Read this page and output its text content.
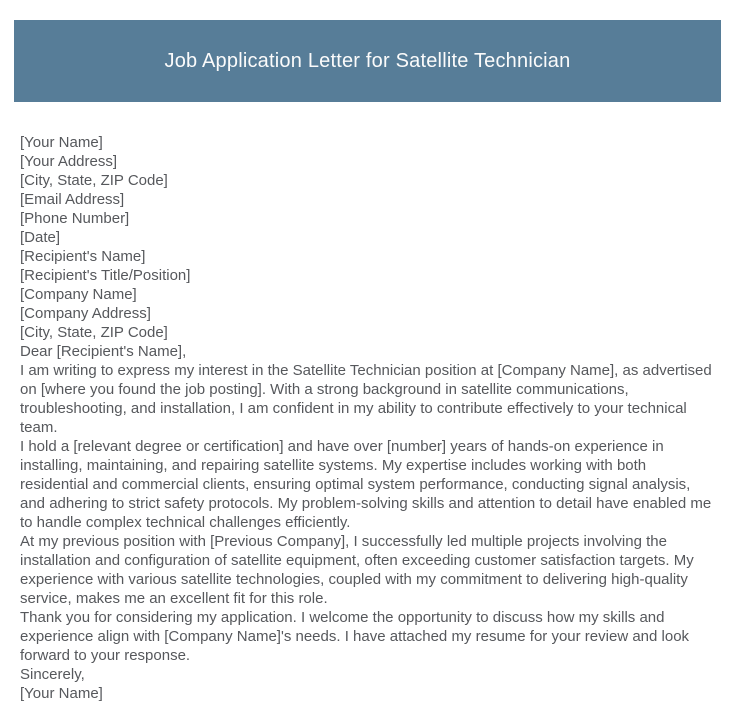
Job Application Letter for Satellite Technician
[Your Name]
[Your Address]
[City, State, ZIP Code]
[Email Address]
[Phone Number]
[Date]
[Recipient's Name]
[Recipient's Title/Position]
[Company Name]
[Company Address]
[City, State, ZIP Code]
Dear [Recipient's Name],

I am writing to express my interest in the Satellite Technician position at [Company Name], as advertised on [where you found the job posting]. With a strong background in satellite communications, troubleshooting, and installation, I am confident in my ability to contribute effectively to your technical team.

I hold a [relevant degree or certification] and have over [number] years of hands-on experience in installing, maintaining, and repairing satellite systems. My expertise includes working with both residential and commercial clients, ensuring optimal system performance, conducting signal analysis, and adhering to strict safety protocols. My problem-solving skills and attention to detail have enabled me to handle complex technical challenges efficiently.

At my previous position with [Previous Company], I successfully led multiple projects involving the installation and configuration of satellite equipment, often exceeding customer satisfaction targets. My experience with various satellite technologies, coupled with my commitment to delivering high-quality service, makes me an excellent fit for this role.

Thank you for considering my application. I welcome the opportunity to discuss how my skills and experience align with [Company Name]'s needs. I have attached my resume for your review and look forward to your response.

Sincerely,
[Your Name]
